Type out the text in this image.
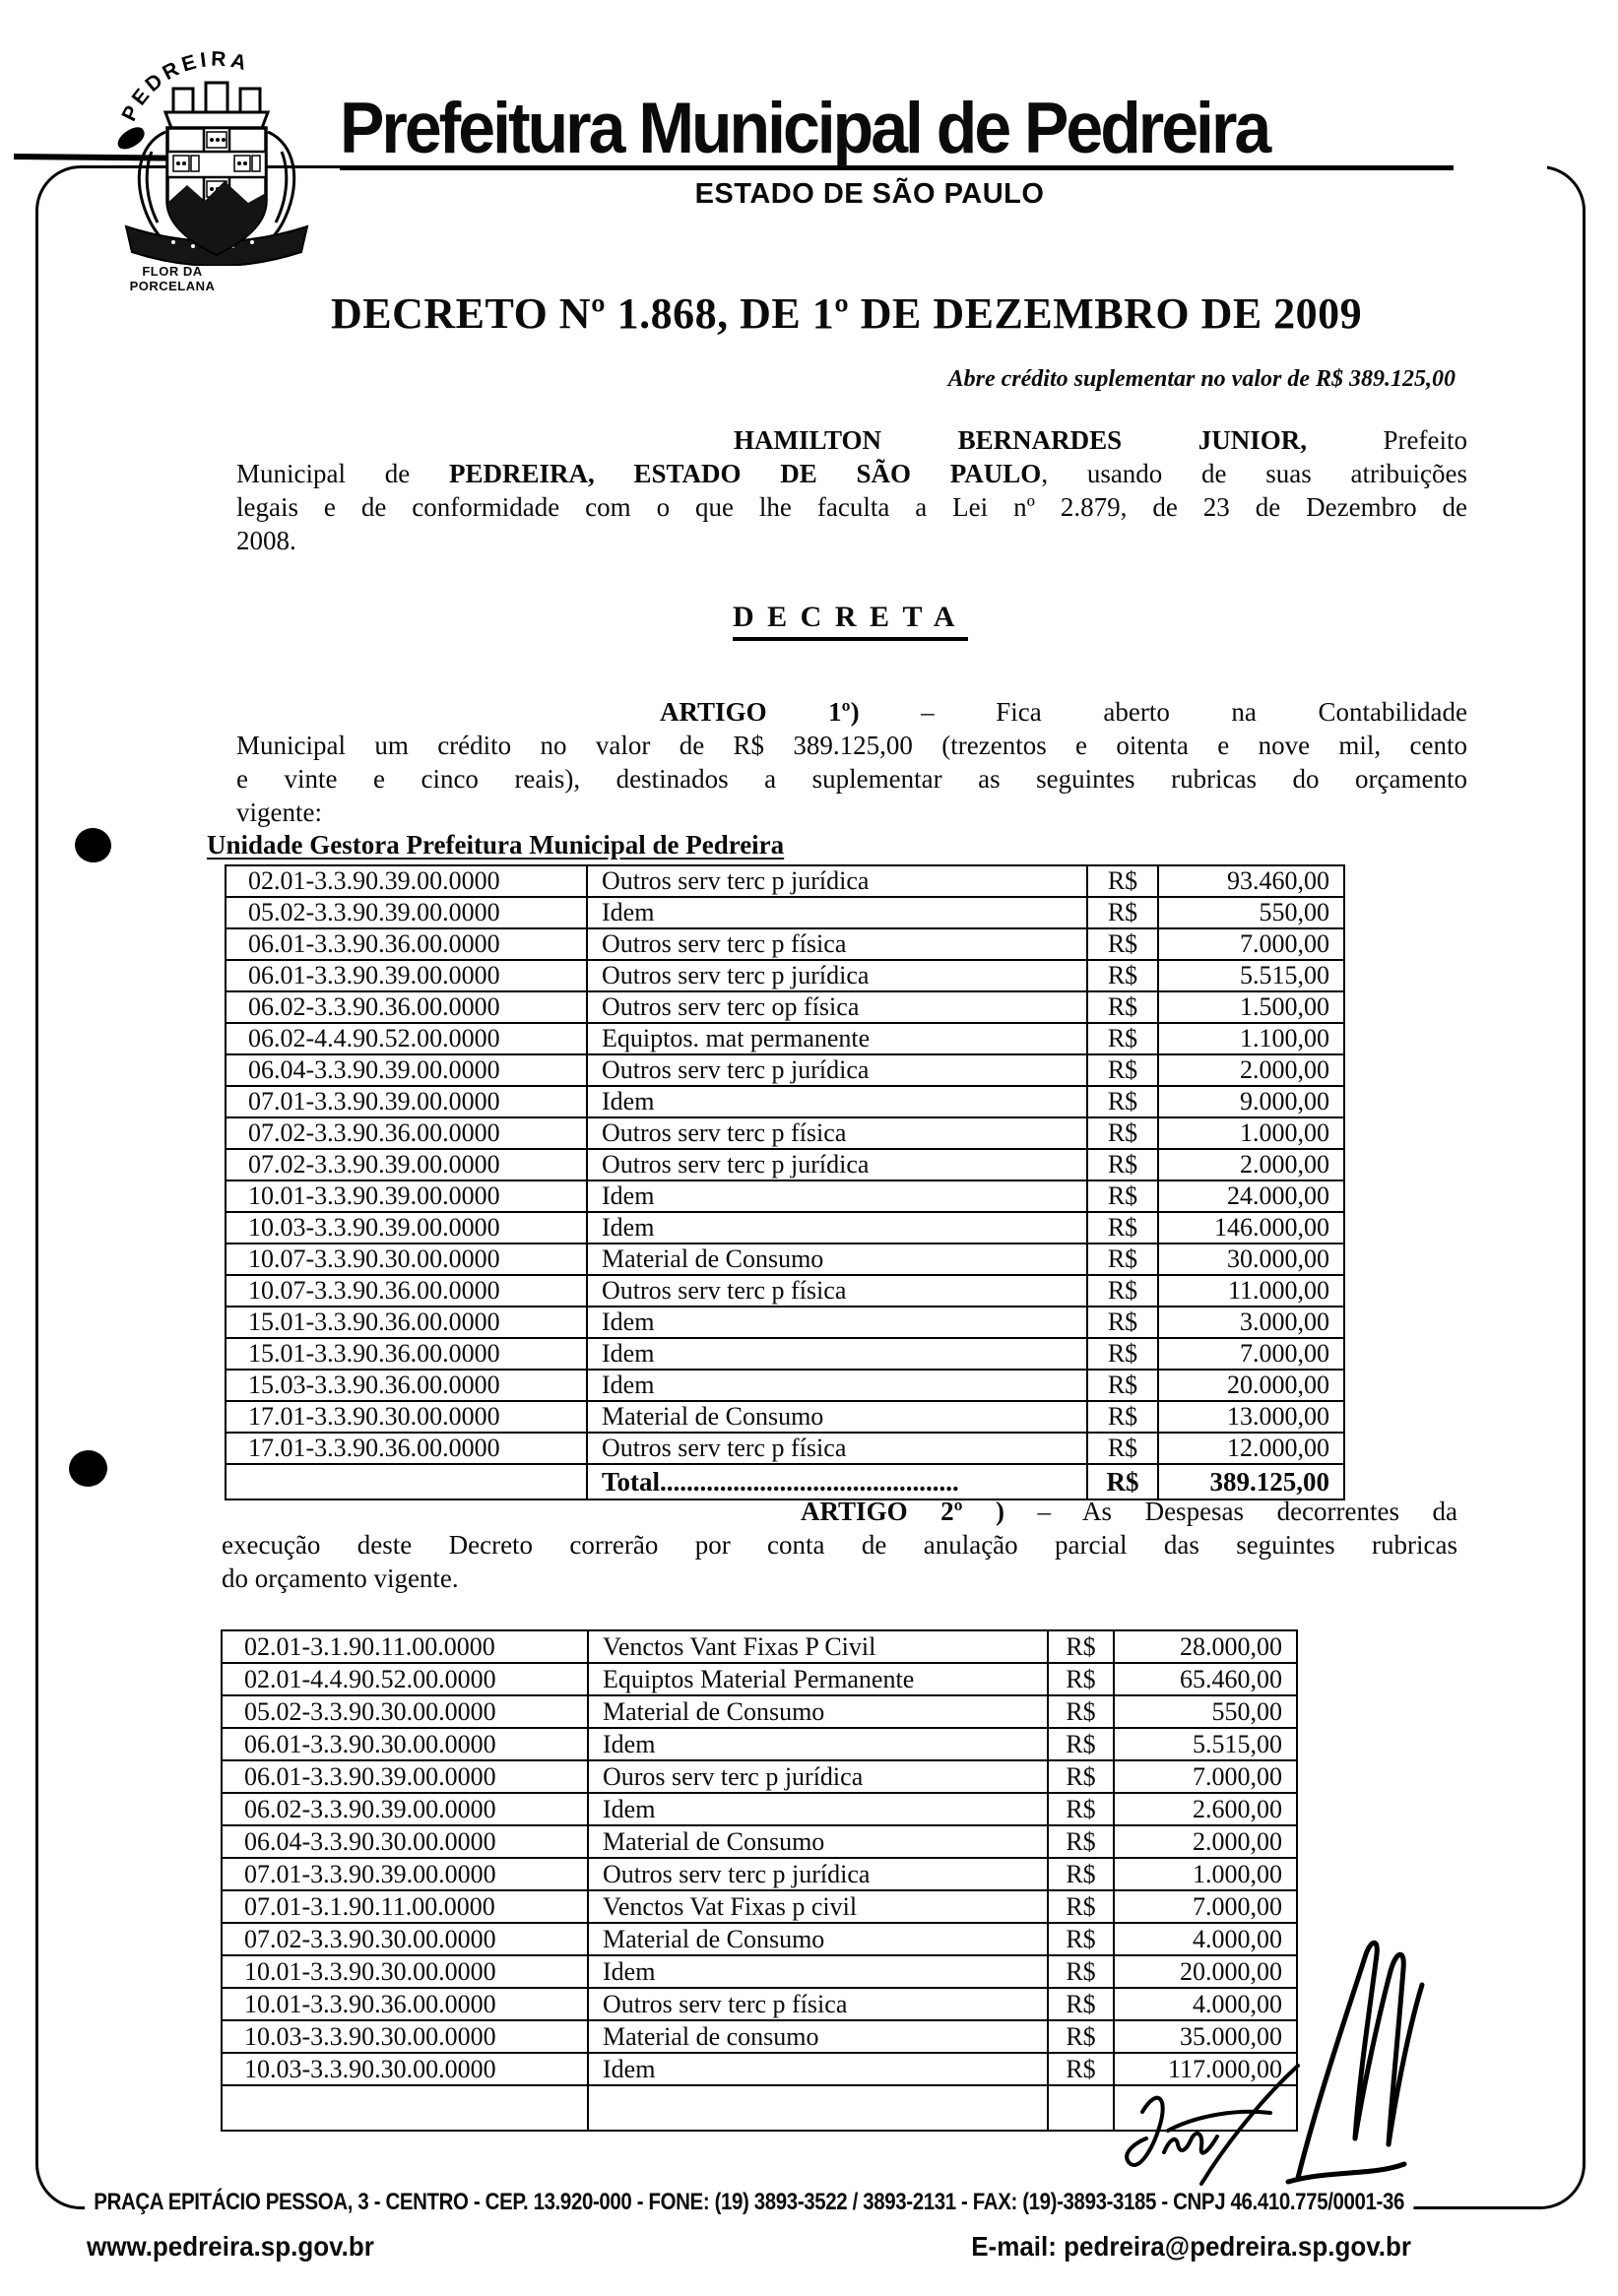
PEDREIRA
FLOR DA
PORCELANA
Prefeitura Municipal de Pedreira
ESTADO DE SÃO PAULO
DECRETO Nº 1.868, DE 1º DE DEZEMBRO DE 2009
Abre crédito suplementar no valor de R$ 389.125,00
HAMILTON BERNARDES JUNIOR, Prefeito
Municipal de PEDREIRA, ESTADO DE SÃO PAULO, usando de suas atribuições
legais e de conformidade com o que lhe faculta a Lei nº 2.879, de 23 de Dezembro de
2008.
DECRETA
ARTIGO 1º) – Fica aberto na Contabilidade
Municipal um crédito no valor de R$ 389.125,00 (trezentos e oitenta e nove mil, cento
e vinte e cinco reais), destinados a suplementar as seguintes rubricas do orçamento
vigente:
Unidade Gestora Prefeitura Municipal de Pedreira
02.01-3.3.90.39.00.0000	Outros serv terc p jurídica	R$	93.460,00
05.02-3.3.90.39.00.0000	Idem	R$	550,00
06.01-3.3.90.36.00.0000	Outros serv terc p física	R$	7.000,00
06.01-3.3.90.39.00.0000	Outros serv terc p jurídica	R$	5.515,00
06.02-3.3.90.36.00.0000	Outros serv terc op física	R$	1.500,00
06.02-4.4.90.52.00.0000	Equiptos. mat permanente	R$	1.100,00
06.04-3.3.90.39.00.0000	Outros serv terc p jurídica	R$	2.000,00
07.01-3.3.90.39.00.0000	Idem	R$	9.000,00
07.02-3.3.90.36.00.0000	Outros serv terc p física	R$	1.000,00
07.02-3.3.90.39.00.0000	Outros serv terc p jurídica	R$	2.000,00
10.01-3.3.90.39.00.0000	Idem	R$	24.000,00
10.03-3.3.90.39.00.0000	Idem	R$	146.000,00
10.07-3.3.90.30.00.0000	Material de Consumo	R$	30.000,00
10.07-3.3.90.36.00.0000	Outros serv terc p física	R$	11.000,00
15.01-3.3.90.36.00.0000	Idem	R$	3.000,00
15.01-3.3.90.36.00.0000	Idem	R$	7.000,00
15.03-3.3.90.36.00.0000	Idem	R$	20.000,00
17.01-3.3.90.30.00.0000	Material de Consumo	R$	13.000,00
17.01-3.3.90.36.00.0000	Outros serv terc p física	R$	12.000,00
	Total.............................................	R$	389.125,00
ARTIGO 2º ) – As Despesas decorrentes da
execução deste Decreto correrão por conta de anulação parcial das seguintes rubricas
do orçamento vigente.
02.01-3.1.90.11.00.0000	Venctos Vant Fixas P Civil	R$	28.000,00
02.01-4.4.90.52.00.0000	Equiptos Material Permanente	R$	65.460,00
05.02-3.3.90.30.00.0000	Material de Consumo	R$	550,00
06.01-3.3.90.30.00.0000	Idem	R$	5.515,00
06.01-3.3.90.39.00.0000	Ouros serv terc p jurídica	R$	7.000,00
06.02-3.3.90.39.00.0000	Idem	R$	2.600,00
06.04-3.3.90.30.00.0000	Material de Consumo	R$	2.000,00
07.01-3.3.90.39.00.0000	Outros serv terc p jurídica	R$	1.000,00
07.01-3.1.90.11.00.0000	Venctos Vat Fixas p civil	R$	7.000,00
07.02-3.3.90.30.00.0000	Material de Consumo	R$	4.000,00
10.01-3.3.90.30.00.0000	Idem	R$	20.000,00
10.01-3.3.90.36.00.0000	Outros serv terc p física	R$	4.000,00
10.03-3.3.90.30.00.0000	Material de consumo	R$	35.000,00
10.03-3.3.90.30.00.0000	Idem	R$	117.000,00

PRAÇA EPITÁCIO PESSOA, 3 - CENTRO - CEP. 13.920-000 - FONE: (19) 3893-3522 / 3893-2131 - FAX: (19)-3893-3185 - CNPJ 46.410.775/0001-36
www.pedreira.sp.gov.br	E-mail: pedreira@pedreira.sp.gov.br
